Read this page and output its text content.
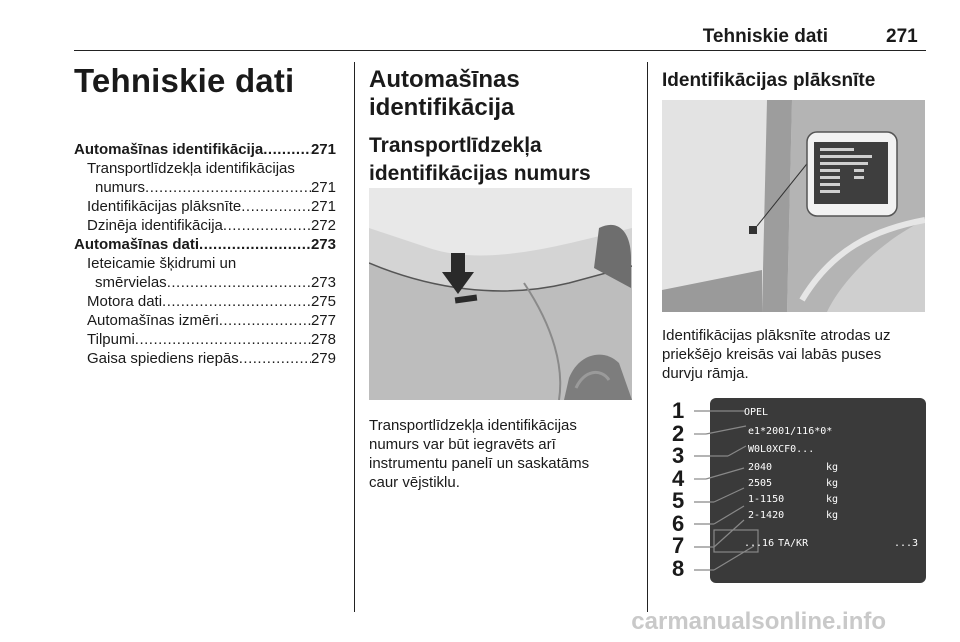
Tehniskie dati	271
Tehniskie dati
Automašīnas identifikācija .....	271
Transportlīdzekļa identifikācijas
numurs .....	271
Identifikācijas plāksnīte .....	271
Dzinēja identifikācija .....	272
Automašīnas dati .....	273
Ieteicamie šķidrumi un
smērvielas .....	273
Motora dati .....	275
Automašīnas izmēri .....	277
Tilpumi .....	278
Gaisa spiediens riepās .....	279
Automašīnas
identifikācija
Transportlīdzekļa
identifikācijas numurs
Transportlīdzekļa identifikācijas
numurs var būt iegravēts arī
instrumentu panelī un saskatāms
caur vējstiklu.
Identifikācijas plāksnīte
Identifikācijas plāksnīte atrodas uz
priekšējo kreisās vai labās puses
durvju rāmja.
1
2
3
4
5
6
7
8
OPEL
e1*2001/116*0*
W0L0XCF0...
2040
2505
1-1150
2-1420
kg
kg
kg
kg
...16 TA/KR	...3
carmanualsonline.info
